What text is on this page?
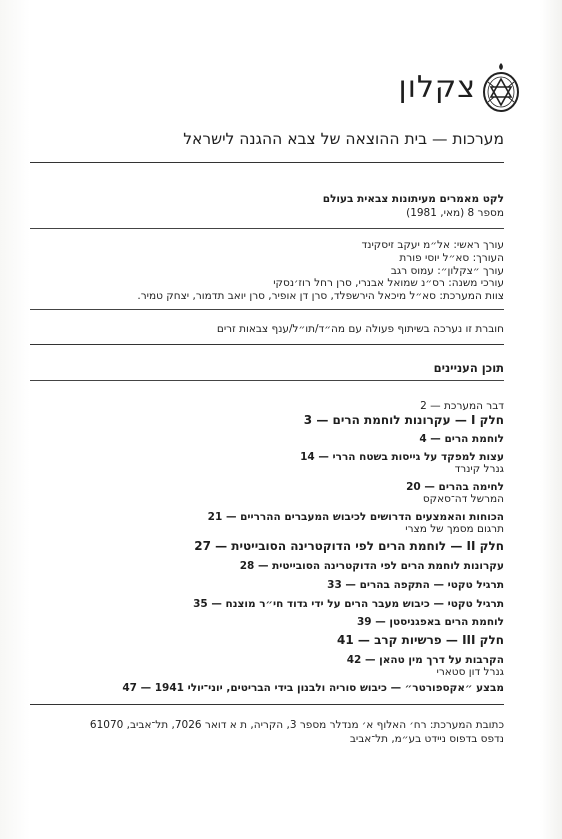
צקלון
מערכות — בית ההוצאה של צבא ההגנה לישראל
לקט מאמרים מעיתונות צבאית בעולם
מספר 8 (מאי, 1981)
עורך ראשי: אל״מ יעקב זיסקינד
העורך: סא״ל יוסי פורת
עורך ״צקלון״: עמוס רגב
עורכי משנה: רס״נ שמואל אבנרי, סרן רחל רוז׳נסקי
צוות המערכת: סא״ל מיכאל הירשפלד, סרן דן אופיר, סרן יואב תדמור, יצחק טמיר.
חוברת זו נערכה בשיתוף פעולה עם מה״ד/תו״ל/ענף צבאות זרים
תוכן העניינים
דבר המערכת — 2
חלק I — עקרונות לוחמת הרים — 3
לוחמת הרים — 4
עצות למפקד על גייסות בשטח הררי — 14
גנרל קינרד
לחימה בהרים — 20
המרשל דה־סאקס
הכוחות והאמצעים הדרושים לכיבוש המעברים ההרריים — 21
תרגום מסמך של מצרי
חלק II — לוחמת הרים לפי הדוקטרינה הסובייטית — 27
עקרונות לוחמת הרים לפי הדוקטרינה הסובייטית — 28
תרגיל טקטי — התקפה בהרים — 33
תרגיל טקטי — כיבוש מעבר הרים על ידי גדוד חי״ר מוצנח — 35
לוחמת הרים באפגניסטן — 39
חלק III — פרשיות קרב — 41
הקרבות על דרך מין טהאן — 42
גנרל דון סטארי
מבצע ״אקספורטר״ — כיבוש סוריה ולבנון בידי הבריטים, יוני־יולי 1941 — 47
כתובת המערכת: רח׳ האלוף א׳ מנדלר מספר 3, הקריה, ת א דואר 7026, תל־אביב, 61070
נדפס בדפוס ניידט בע״מ, תל־אביב
